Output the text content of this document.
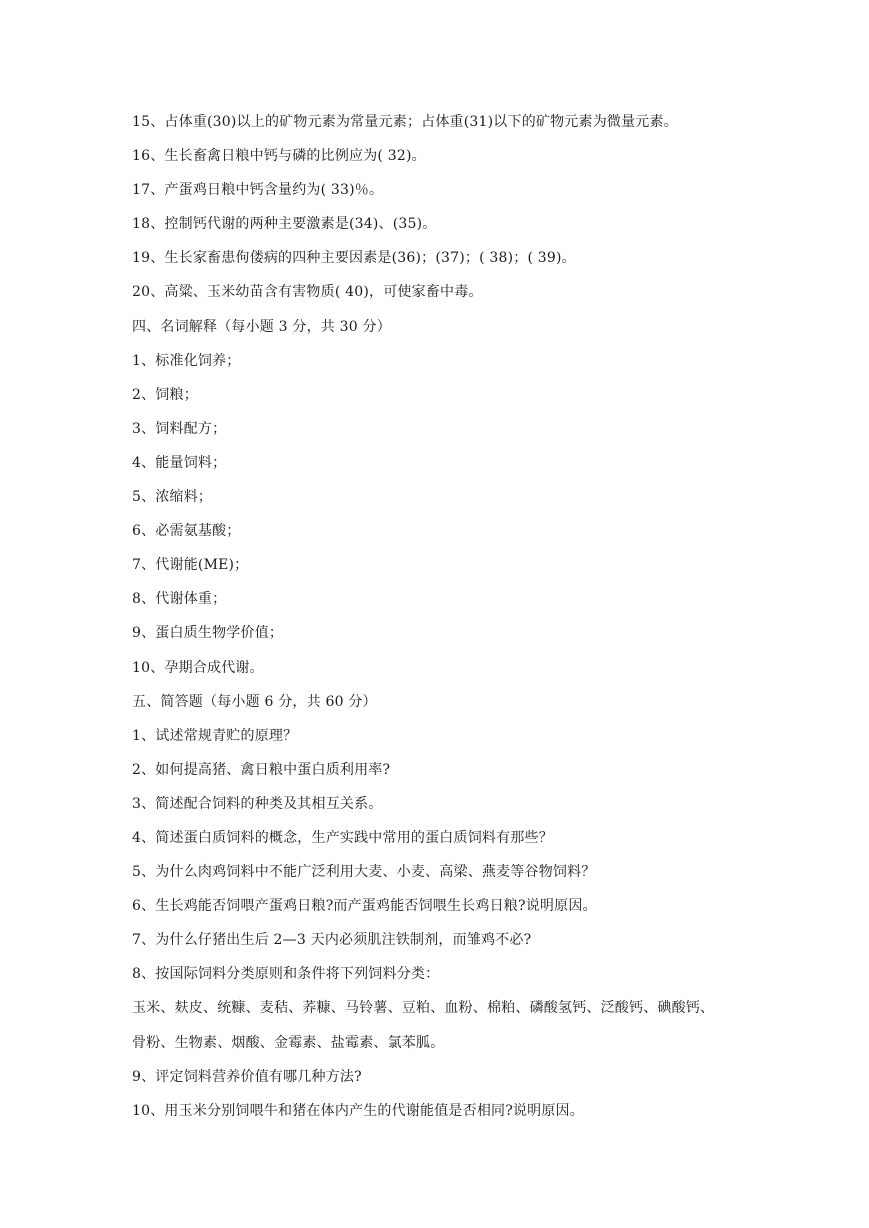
15、占体重(30)以上的矿物元素为常量元素；占体重(31)以下的矿物元素为微量元素。
16、生长畜禽日粮中钙与磷的比例应为( 32)。
17、产蛋鸡日粮中钙含量约为( 33)％。
18、控制钙代谢的两种主要激素是(34)、(35)。
19、生长家畜患佝偻病的四种主要因素是(36)；(37)；( 38)；( 39)。
20、高粱、玉米幼苗含有害物质( 40)，可使家畜中毒。
四、名词解释（每小题 3 分，共 30 分）
1、标准化饲养；
2、饲粮；
3、饲料配方；
4、能量饲料；
5、浓缩料；
6、必需氨基酸；
7、代谢能(ME)；
8、代谢体重；
9、蛋白质生物学价值；
10、孕期合成代谢。
五、简答题（每小题 6 分，共 60 分）
1、试述常规青贮的原理？
2、如何提高猪、禽日粮中蛋白质利用率?
3、简述配合饲料的种类及其相互关系。
4、简述蛋白质饲料的概念，生产实践中常用的蛋白质饲料有那些？
5、为什么肉鸡饲料中不能广泛利用大麦、小麦、高梁、燕麦等谷物饲料？
6、生长鸡能否饲喂产蛋鸡日粮?而产蛋鸡能否饲喂生长鸡日粮?说明原因。
7、为什么仔猪出生后 2—3 天内必须肌注铁制剂，而雏鸡不必?
8、按国际饲料分类原则和条件将下列饲料分类：
玉米、麸皮、统糠、麦秸、荞糠、马铃薯、豆粕、血粉、棉粕、磷酸氢钙、泛酸钙、碘酸钙、
骨粉、生物素、烟酸、金霉素、盐霉素、氯苯胍。
9、评定饲料营养价值有哪几种方法?
10、用玉米分别饲喂牛和猪在体内产生的代谢能值是否相同?说明原因。
